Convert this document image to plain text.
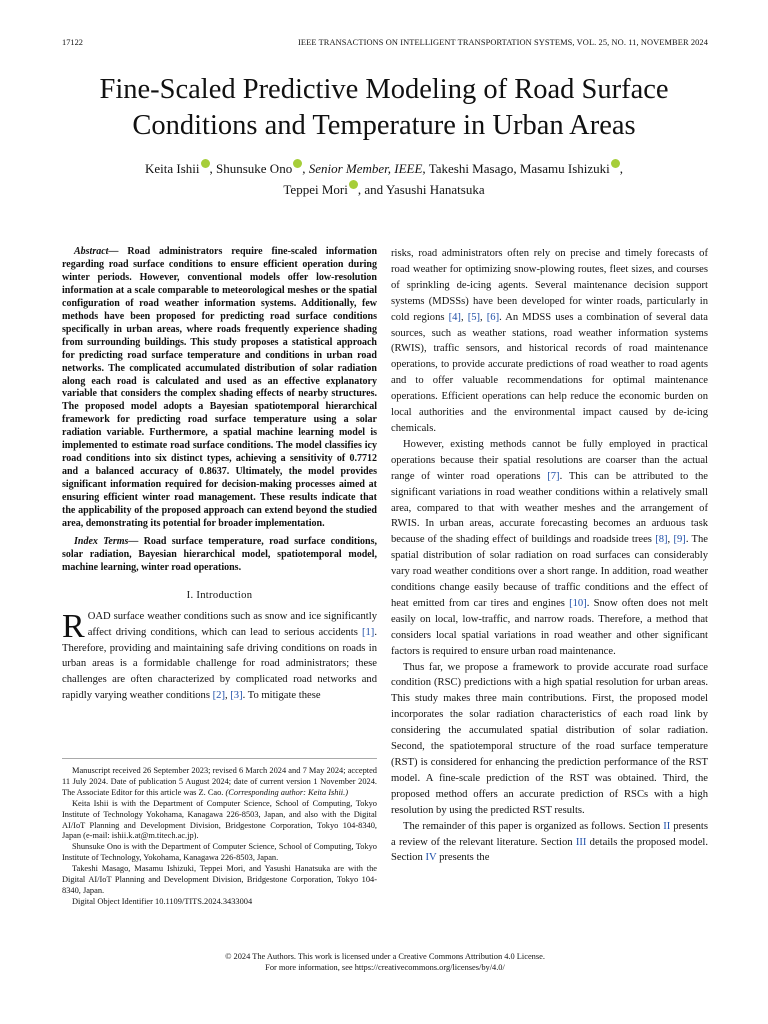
17122	IEEE TRANSACTIONS ON INTELLIGENT TRANSPORTATION SYSTEMS, VOL. 25, NO. 11, NOVEMBER 2024
Fine-Scaled Predictive Modeling of Road Surface
Conditions and Temperature in Urban Areas
Keita Ishii , Shunsuke Ono , Senior Member, IEEE, Takeshi Masago, Masamu Ishizuki ,
Teppei Mori , and Yasushi Hanatsuka

Abstract— Road administrators require fine-scaled information regarding road surface conditions to ensure efficient operation during winter periods. However, conventional models offer low-resolution information at a scale comparable to meteorological meshes or the spatial configuration of road weather information systems. Additionally, few methods have been proposed for predicting road surface conditions specifically in urban areas, where roads frequently experience shading from surrounding buildings. This study proposes a statistical approach for predicting road surface temperature and conditions in urban road networks. The complicated accumulated distribution of solar radiation along each road is calculated and used as an effective explanatory variable that considers the complex shading effects of nearby structures. The proposed model adopts a Bayesian spatiotemporal hierarchical framework for predicting road surface temperature using a solar radiation variable. Furthermore, a spatial machine learning model is implemented to estimate road surface conditions. The model classifies icy road conditions into six distinct types, achieving a sensitivity of 0.7712 and a balanced accuracy of 0.8637. Ultimately, the model provides significant information required for decision-making processes aimed at ensuring efficient winter road management. These results indicate that the applicability of the proposed approach can extend beyond the studied area, demonstrating its potential for broader implementation.

Index Terms— Road surface temperature, road surface conditions, solar radiation, Bayesian hierarchical model, spatiotemporal model, machine learning, winter road operations.

I. Introduction

ROAD surface weather conditions such as snow and ice significantly affect driving conditions, which can lead to serious accidents [1]. Therefore, providing and maintaining safe driving conditions on roads in urban areas is a formidable challenge for road administrators; these challenges are often characterized by complicated road networks and rapidly varying weather conditions [2], [3]. To mitigate these

Manuscript received 26 September 2023; revised 6 March 2024 and 7 May 2024; accepted 11 July 2024. Date of publication 5 August 2024; date of current version 1 November 2024. The Associate Editor for this article was Z. Cao. (Corresponding author: Keita Ishii.)

Keita Ishii is with the Department of Computer Science, School of Computing, Tokyo Institute of Technology Yokohama, Kanagawa 226-8503, Japan, and also with the Digital AI/IoT Planning and Development Division, Bridgestone Corporation, Tokyo 104-8340, Japan (e-mail: ishii.k.at@m.titech.ac.jp).

Shunsuke Ono is with the Department of Computer Science, School of Computing, Tokyo Institute of Technology, Yokohama, Kanagawa 226-8503, Japan.

Takeshi Masago, Masamu Ishizuki, Teppei Mori, and Yasushi Hanatsuka are with the Digital AI/IoT Planning and Development Division, Bridgestone Corporation, Tokyo 104-8340, Japan.

Digital Object Identifier 10.1109/TITS.2024.3433004

risks, road administrators often rely on precise and timely forecasts of road weather for optimizing snow-plowing routes, fleet sizes, and courses of sprinkling de-icing agents. Several maintenance decision support systems (MDSSs) have been developed for winter roads, particularly in cold regions [4], [5], [6]. An MDSS uses a combination of several data sources, such as weather stations, road weather information systems (RWIS), traffic sensors, and historical records of road maintenance operations, to provide accurate predictions of road weather to road agents and to offer valuable recommendations for optimal maintenance operations. Efficient operations can help reduce the economic burden on local authorities and the environmental impact caused by de-icing chemicals.

However, existing methods cannot be fully employed in practical operations because their spatial resolutions are coarser than the actual range of winter road operations [7]. This can be attributed to the significant variations in road weather conditions within a relatively small area, compared to that with weather meshes and the arrangement of RWIS. In urban areas, accurate forecasting becomes an arduous task because of the shading effect of buildings and roadside trees [8], [9]. The spatial distribution of solar radiation on road surfaces can considerably vary road weather conditions over a short range. In addition, road weather conditions change easily because of traffic conditions and the effect of heat emitted from car tires and engines [10]. Snow often does not melt easily on local, low-traffic, and narrow roads. Therefore, a method that considers local spatial variations in road weather and other significant factors is required to ensure urban road maintenance.

Thus far, we propose a framework to provide accurate road surface condition (RSC) predictions with a high spatial resolution for urban areas. This study makes three main contributions. First, the proposed model incorporates the solar radiation characteristics of each road link by considering the accumulated spatial distribution of solar radiation. Second, the spatiotemporal structure of the road surface temperature (RST) is considered for enhancing the prediction performance of the RST model. A fine-scale prediction of the RST was obtained. Third, the proposed method offers an accurate prediction of RSCs with a high resolution by using the predicted RST results.

The remainder of this paper is organized as follows. Section II presents a review of the relevant literature. Section III details the proposed model. Section IV presents the

© 2024 The Authors. This work is licensed under a Creative Commons Attribution 4.0 License.
For more information, see https://creativecommons.org/licenses/by/4.0/
